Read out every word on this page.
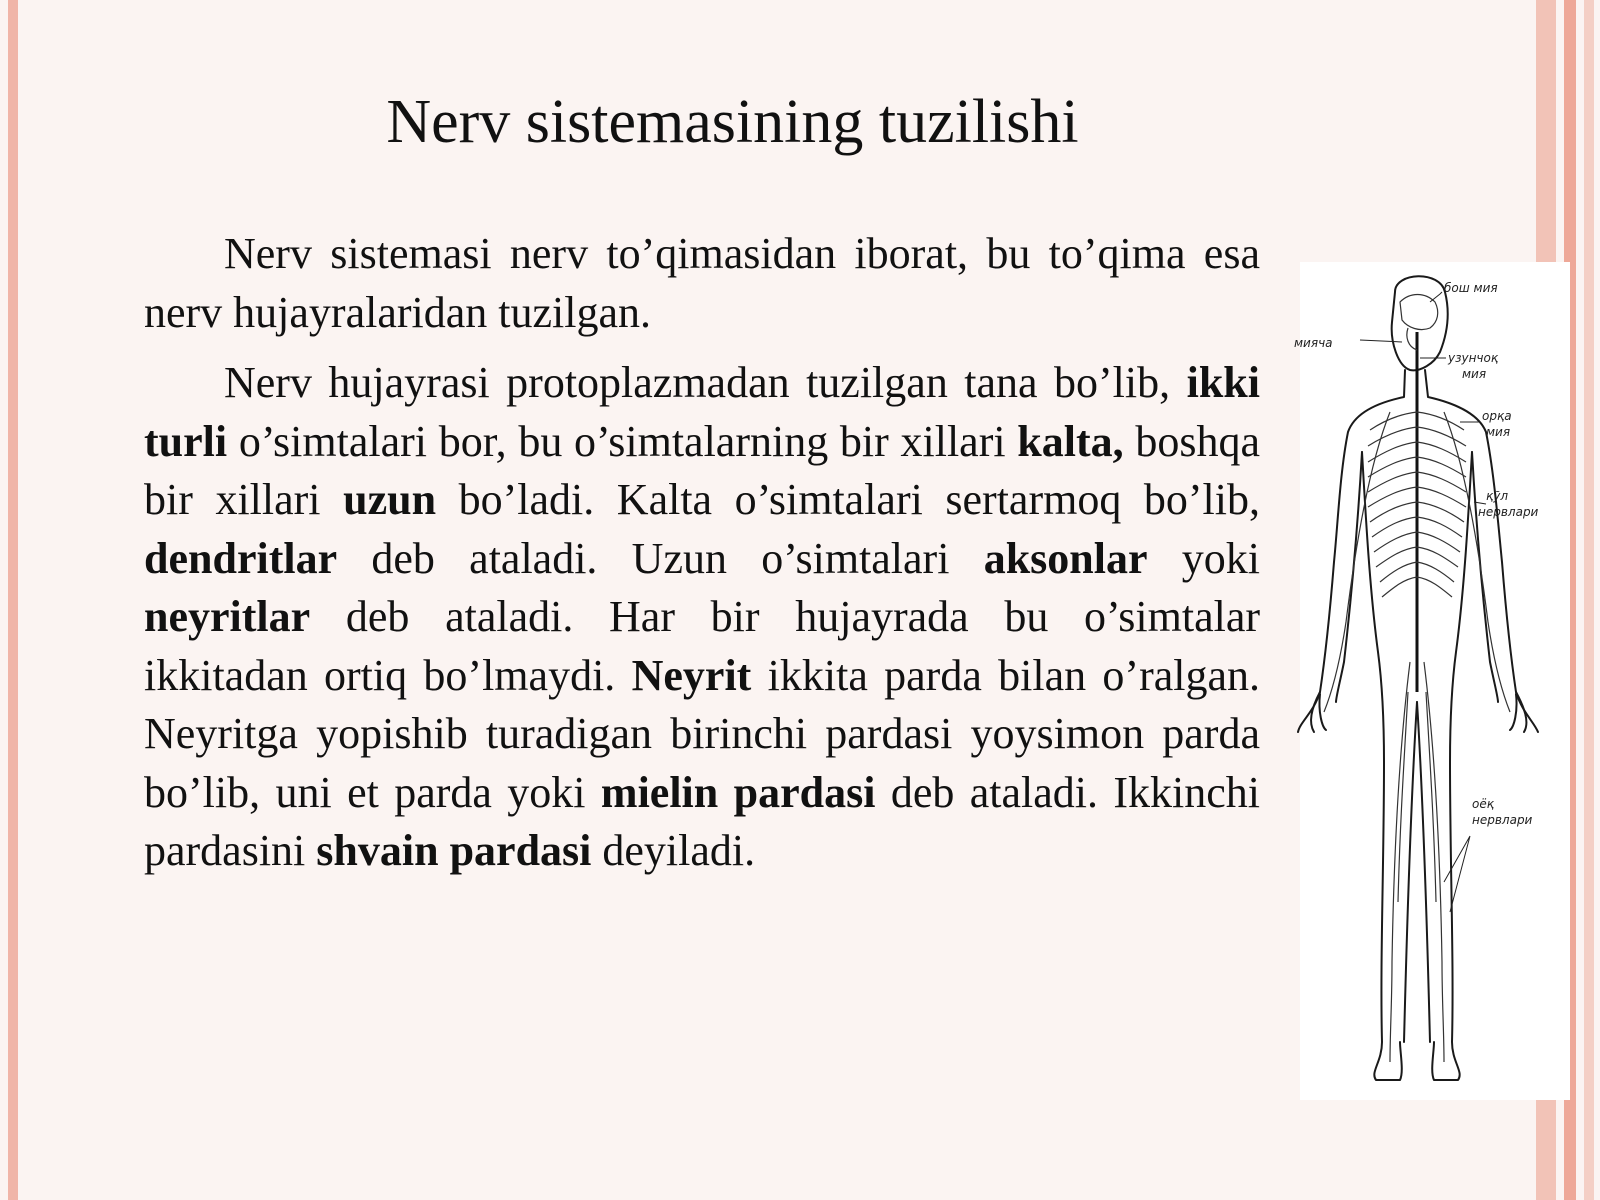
Nerv sistemasining tuzilishi

Nerv sistemasi nerv to’qimasidan iborat, bu to’qima esa nerv hujayralaridan tuzilgan.

Nerv hujayrasi protoplazmadan tuzilgan tana bo’lib, ikki turli o’simtalari bor, bu o’simtalarning bir xillari kalta, boshqa bir xillari uzun bo’ladi. Kalta o’simtalari sertarmoq bo’lib, dendritlar deb ataladi. Uzun o’simtalari aksonlar yoki neyritlar deb ataladi. Har bir hujayrada bu o’simtalar ikkitadan ortiq bo’lmaydi. Neyrit ikkita parda bilan o’ralgan. Neyritga yopishib turadigan birinchi pardasi yoysimon parda bo’lib, uni et parda yoki mielin pardasi deb ataladi. Ikkinchi pardasini shvain pardasi deyiladi.

бош мия
мияча
узунчоқ
мия
орқа
мия
қўл
нервлари
оёқ
нервлари
